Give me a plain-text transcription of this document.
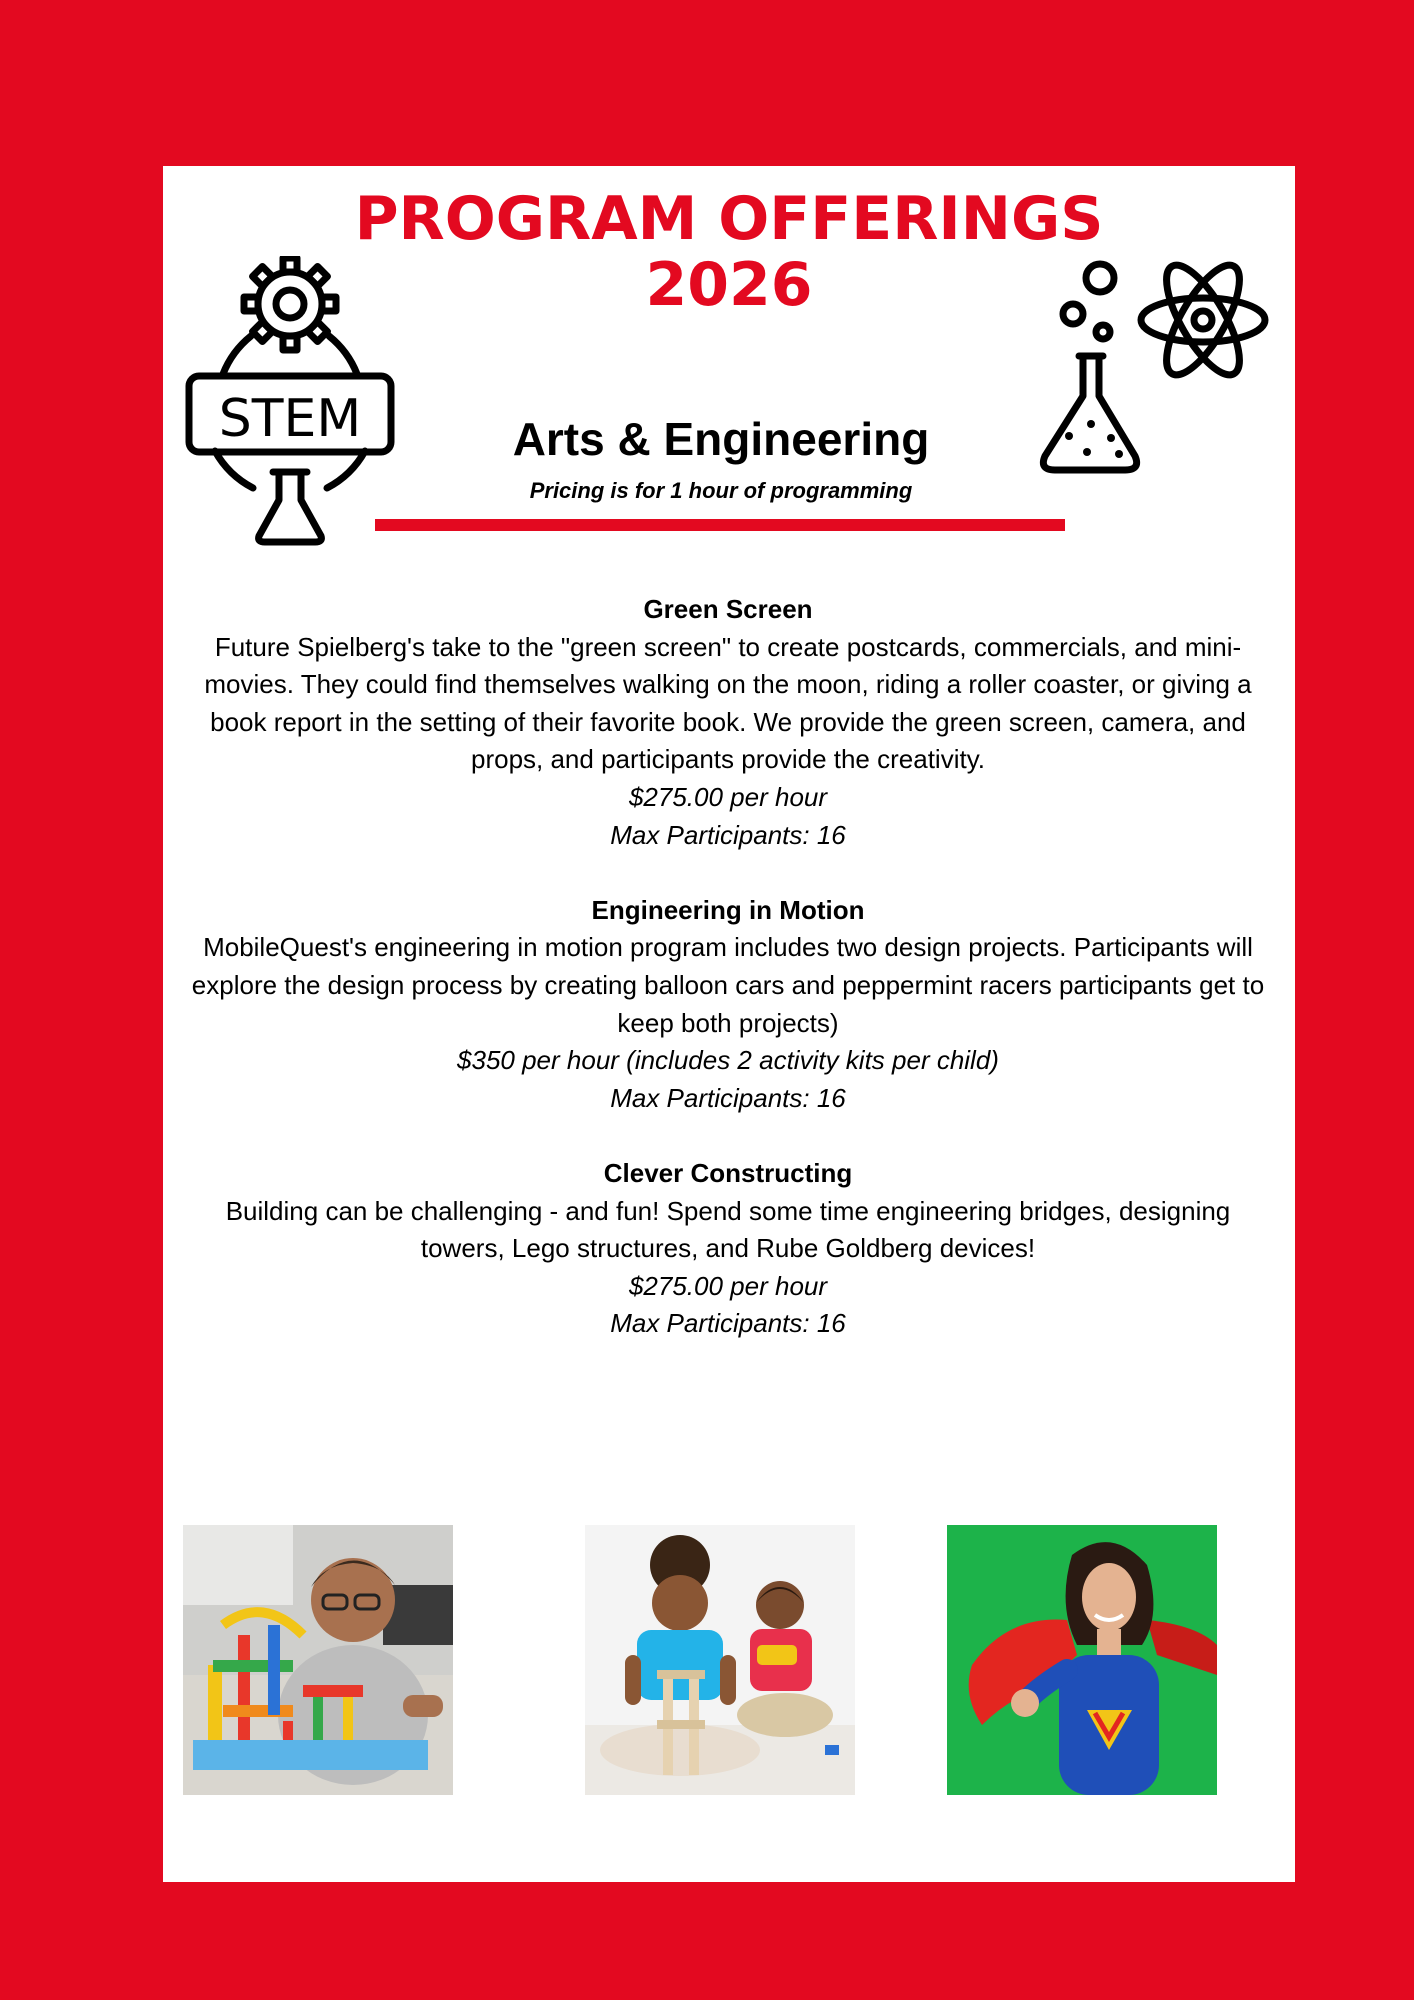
PROGRAM OFFERINGS
2026
STEM	Arts & Engineering
Pricing is for 1 hour of programming
Green Screen
Future Spielberg's take to the "green screen" to create postcards, commercials, and mini-movies. They could find themselves walking on the moon, riding a roller coaster, or giving a book report in the setting of their favorite book. We provide the green screen, camera, and props, and participants provide the creativity.
$275.00 per hour
Max Participants: 16
Engineering in Motion
MobileQuest's engineering in motion program includes two design projects. Participants will explore the design process by creating balloon cars and peppermint racers participants get to keep both projects)
$350 per hour (includes 2 activity kits per child)
Max Participants: 16
Clever Constructing
Building can be challenging - and fun! Spend some time engineering bridges, designing towers, Lego structures, and Rube Goldberg devices!
$275.00 per hour
Max Participants: 16
